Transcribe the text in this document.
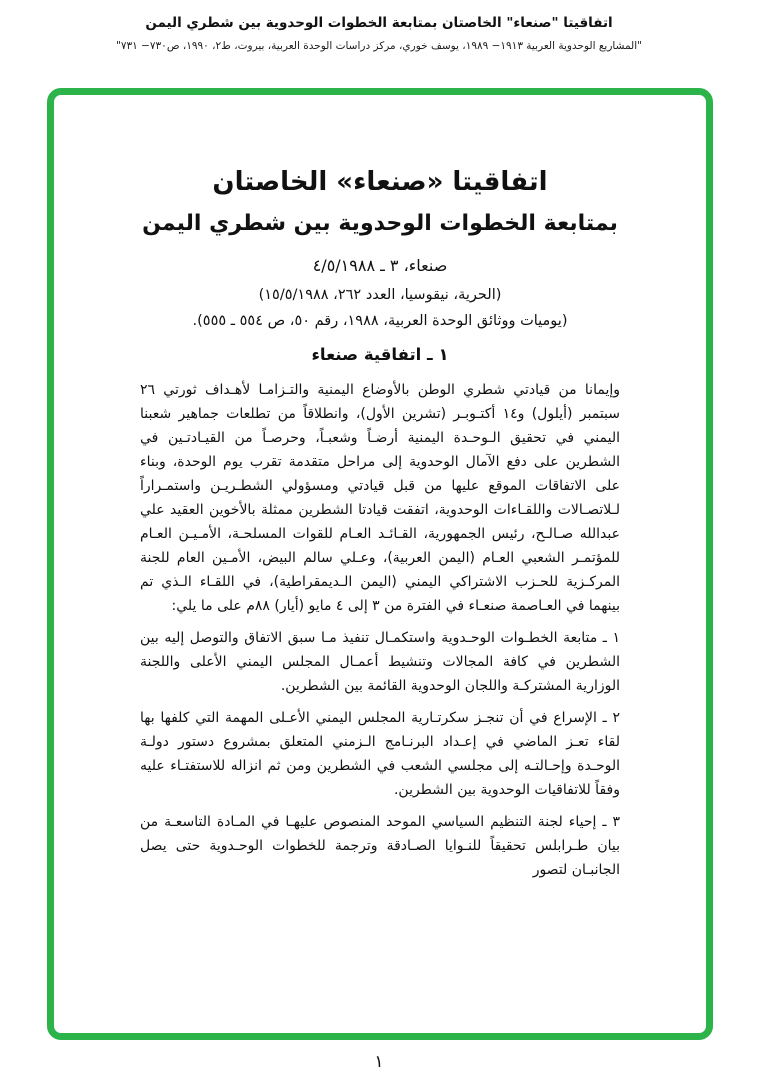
اتفاقيتا "صنعاء" الخاصتان بمتابعة الخطوات الوحدوية بين شطري اليمن
"المشاريع الوحدوية العربية ١٩١٣− ١٩٨٩، يوسف خوري، مركز دراسات الوحدة العربية، بيروت، ط٢، ١٩٩٠، ص٧٣٠− ٧٣١"
اتفاقيتا «صنعاء» الخاصتان
بمتابعة الخطوات الوحدوية بين شطري اليمن
صنعاء، ٣ ـ ٤/٥/١٩٨٨
(الحرية، نيقوسيا، العدد ٢٦٢، ١٥/٥/١٩٨٨)
(يوميات ووثائق الوحدة العربية، ١٩٨٨، رقم ٥٠، ص ٥٥٤ ـ ٥٥٥).
١ ـ اتفاقية صنعاء

وإيمانا من قيادتي شطري الوطن بالأوضاع اليمنية والتـزامـا لأهـداف ثورتي ٢٦ سبتمبر (أيلول) و١٤ أكتـوبـر (تشرين الأول)، وانطلاقاً من تطلعات جماهير شعبنا اليمني في تحقيق الـوحـدة اليمنية أرضـاً وشعبـاً، وحرصـاً من القيـادتـين في الشطرين على دفع الآمال الوحدوية إلى مراحل متقدمة تقرب يوم الوحدة، وبناء على الاتفاقات الموقع عليها من قبل قيادتي ومسؤولي الشطـريـن واستمـراراً لـلاتصـالات واللقـاءات الوحدوية، اتفقت قيادتا الشطرين ممثلة بالأخوين العقيد علي عبدالله صـالـح، رئيس الجمهورية، القـائـد العـام للقوات المسلحـة، الأمـيـن العـام للمؤتمـر الشعبي العـام (اليمن العربية)، وعـلي سالم البيض، الأمـين العام للجنة المركـزية للحـزب الاشتراكي اليمني (اليمن الـديمقراطية)، في اللقـاء الـذي تم بينهما في العـاصمة صنعـاء في الفترة من ٣ إلى ٤ مايو (أيار) ٨٨م على ما يلي:

١ ـ متابعة الخطـوات الوحـدوية واستكمـال تنفيذ مـا سبق الاتفاق والتوصل إليه بين الشطرين في كافة المجالات وتنشيط أعمـال المجلس اليمني الأعلى واللجنة الوزارية المشتركـة واللجان الوحدوية القائمة بين الشطرين.

٢ ـ الإسراع في أن تنجـز سكرتـارية المجلس اليمني الأعـلى المهمة التي كلفها بها لقاء تعـز الماضي في إعـداد البرنـامج الـزمني المتعلق بمشروع دستور دولـة الوحـدة وإحـالتـه إلى مجلسي الشعب في الشطرين ومن ثم انزاله للاستفتـاء عليه وفقاً للاتفاقيات الوحدوية بين الشطرين.

٣ ـ إحياء لجنة التنظيم السياسي الموحد المنصوص عليهـا في المـادة التاسعـة من بيان طـرابلس تحقيقاً للنـوايا الصـادقة وترجمة للخطوات الوحـدوية حتى يصل الجانبـان لتصور

١
